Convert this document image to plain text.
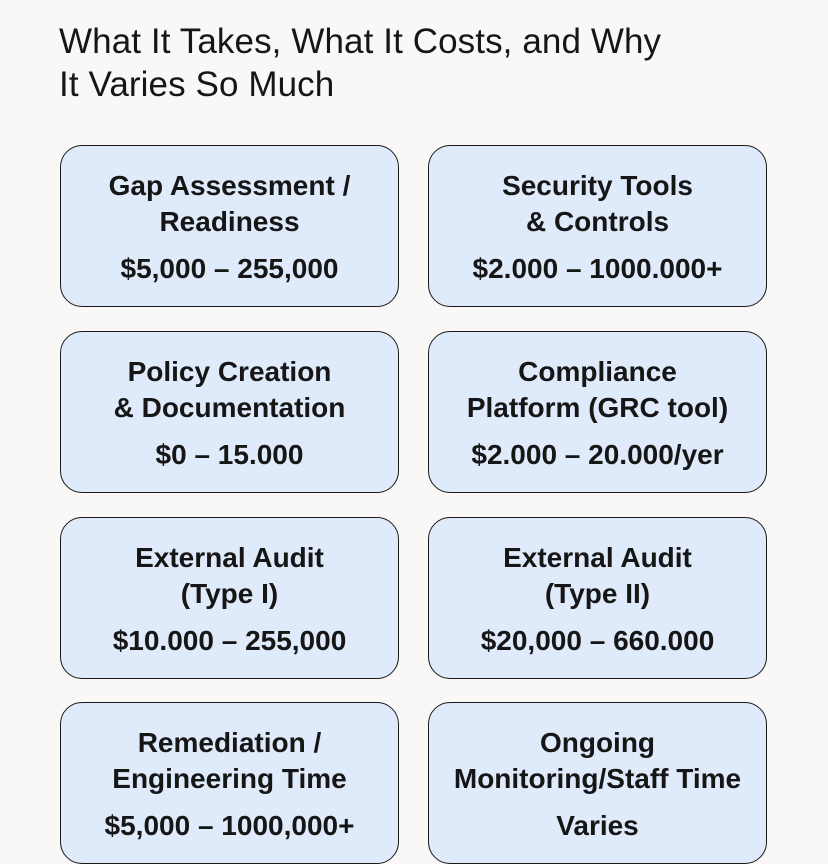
What It Takes, What It Costs, and Why
It Varies So Much
Gap Assessment /
Readiness
$5,000 – 255,000
Security Tools
& Controls
$2.000 – 1000.000+
Policy Creation
& Documentation
$0 – 15.000
Compliance
Platform (GRC tool)
$2.000 – 20.000/yer
External Audit
(Type I)
$10.000 – 255,000
External Audit
(Type II)
$20,000 – 660.000
Remediation /
Engineering Time
$5,000 – 1000,000+
Ongoing
Monitoring/Staff Time
Varies
